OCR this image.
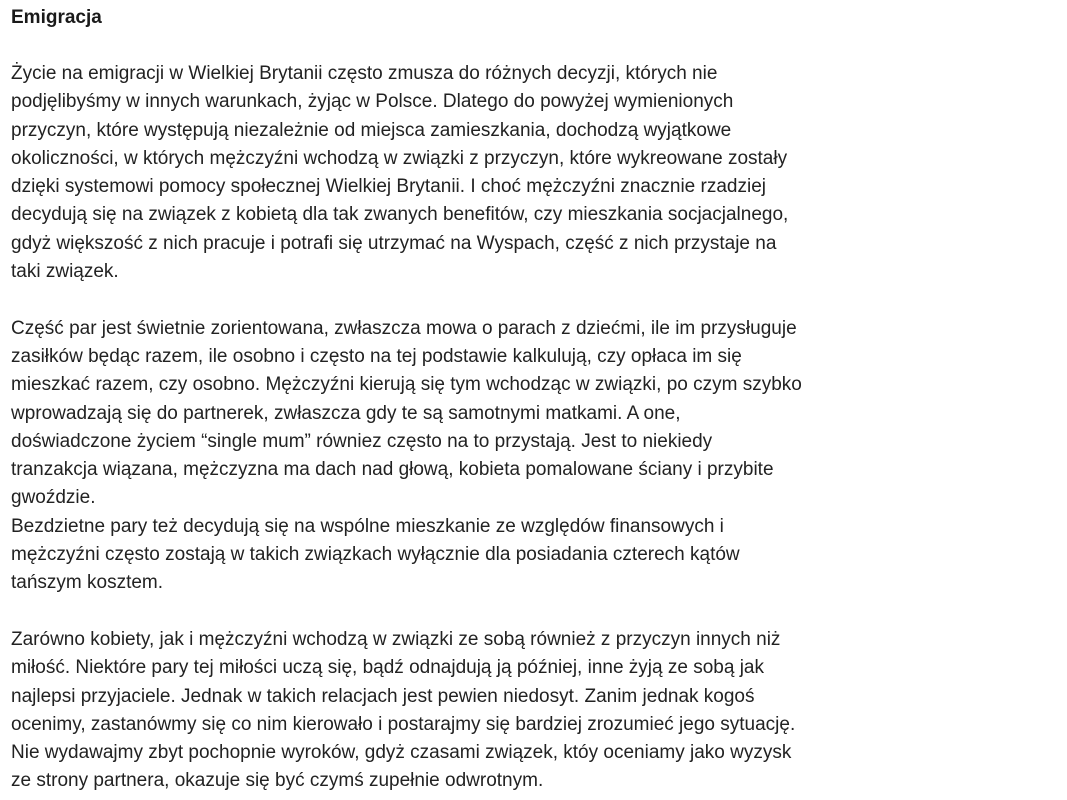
Emigracja

Życie na emigracji w Wielkiej Brytanii często zmusza do różnych decyzji, których nie
podjęlibyśmy w innych warunkach, żyjąc w Polsce. Dlatego do powyżej wymienionych
przyczyn, które występują niezależnie od miejsca zamieszkania, dochodzą wyjątkowe
okoliczności, w których mężczyźni wchodzą w związki z przyczyn, które wykreowane zostały
dzięki systemowi pomocy społecznej Wielkiej Brytanii. I choć mężczyźni znacznie rzadziej
decydują się na związek z kobietą dla tak zwanych benefitów, czy mieszkania socjacjalnego,
gdyż większość z nich pracuje i potrafi się utrzymać na Wyspach, część z nich przystaje na
taki związek.

Część par jest świetnie zorientowana, zwłaszcza mowa o parach z dziećmi, ile im przysługuje
zasiłków będąc razem, ile osobno i często na tej podstawie kalkulują, czy opłaca im się
mieszkać razem, czy osobno. Mężczyźni kierują się tym wchodząc w związki, po czym szybko
wprowadzają się do partnerek, zwłaszcza gdy te są samotnymi matkami. A one,
doświadczone życiem “single mum” równiez często na to przystają. Jest to niekiedy
tranzakcja wiązana, mężczyzna ma dach nad głową, kobieta pomalowane ściany i przybite
gwoździe.

Bezdzietne pary też decydują się na wspólne mieszkanie ze względów finansowych i
mężczyźni często zostają w takich związkach wyłącznie dla posiadania czterech kątów
tańszym kosztem.

Zarówno kobiety, jak i mężczyźni wchodzą w związki ze sobą również z przyczyn innych niż
miłość. Niektóre pary tej miłości uczą się, bądź odnajdują ją później, inne żyją ze sobą jak
najlepsi przyjaciele. Jednak w takich relacjach jest pewien niedosyt. Zanim jednak kogoś
ocenimy, zastanówmy się co nim kierowało i postarajmy się bardziej zrozumieć jego sytuację.
Nie wydawajmy zbyt pochopnie wyroków, gdyż czasami związek, któy oceniamy jako wyzysk
ze strony partnera, okazuje się być czymś zupełnie odwrotnym.
